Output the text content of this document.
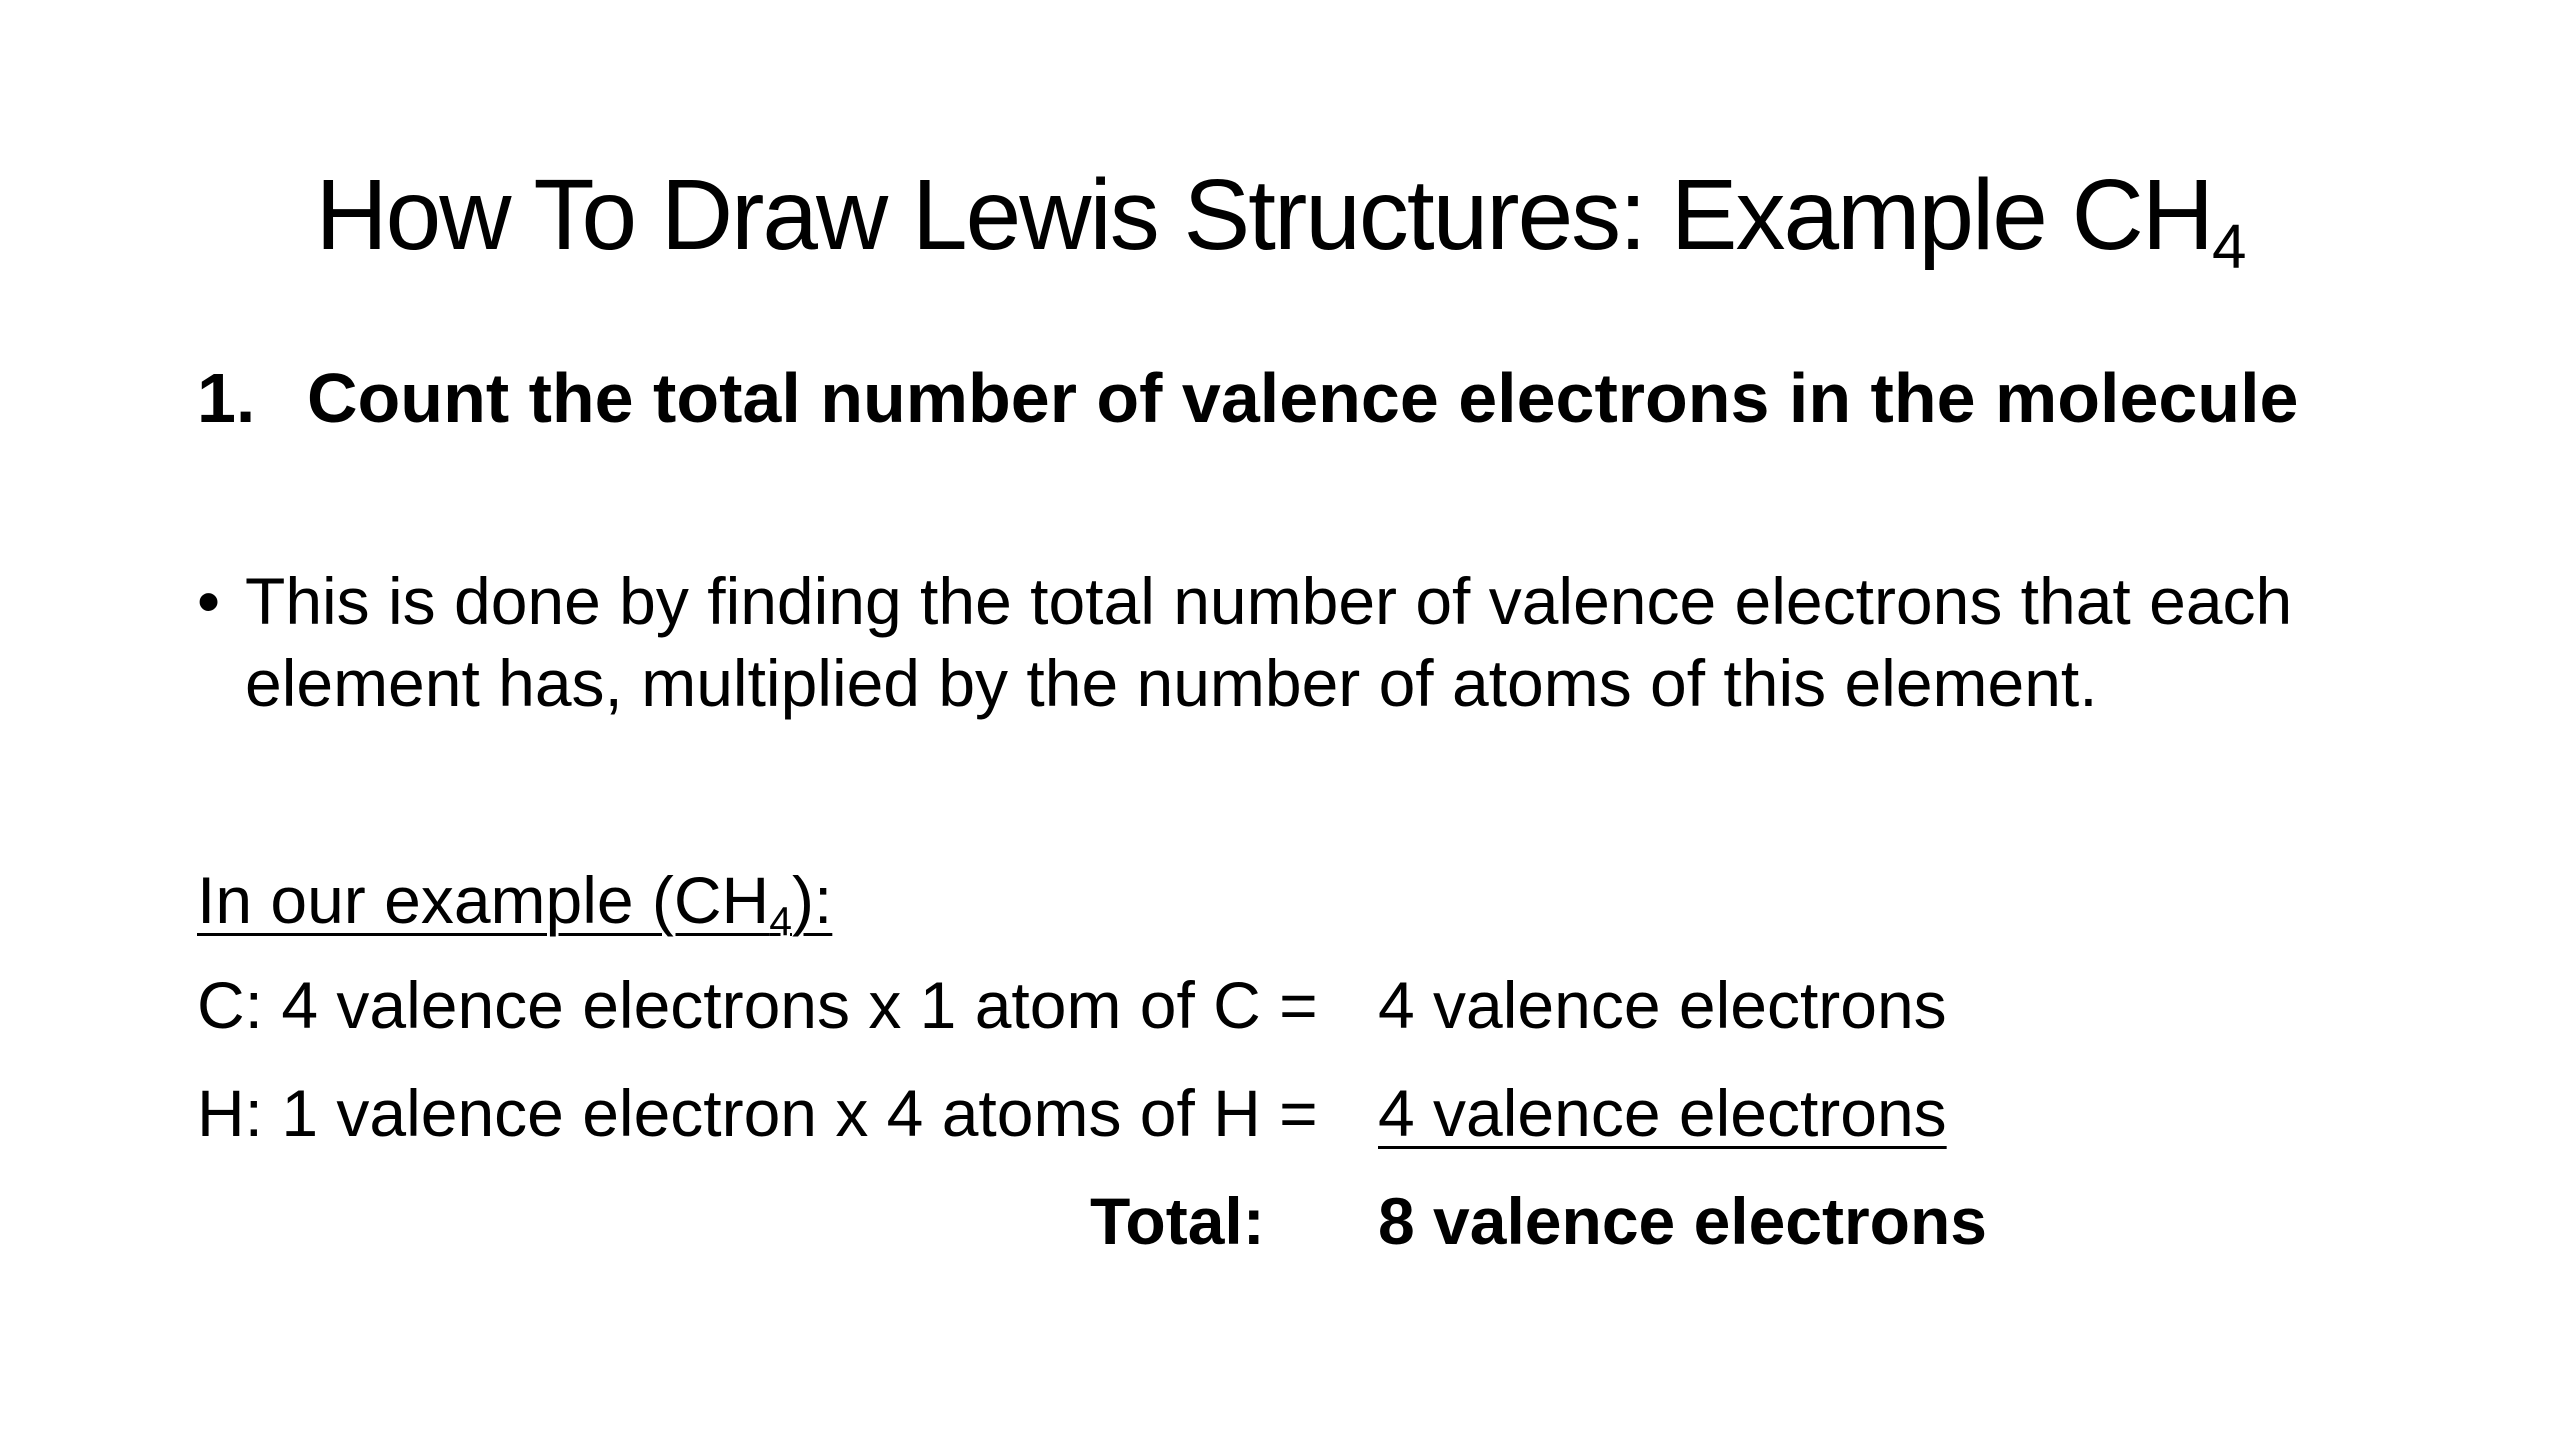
How To Draw Lewis Structures: Example $CH_4$
1. Count the total number of valence electrons in the molecule
• This is done by finding the total number of valence electrons that each element has, multiplied by the number of atoms of this element.
In our example $(CH_4)$:
C: 4 valence electrons x 1 atom of C = 4 valence electrons
H: 1 valence electron x 4 atoms of H = 4 valence electrons
Total: 8 valence electrons
